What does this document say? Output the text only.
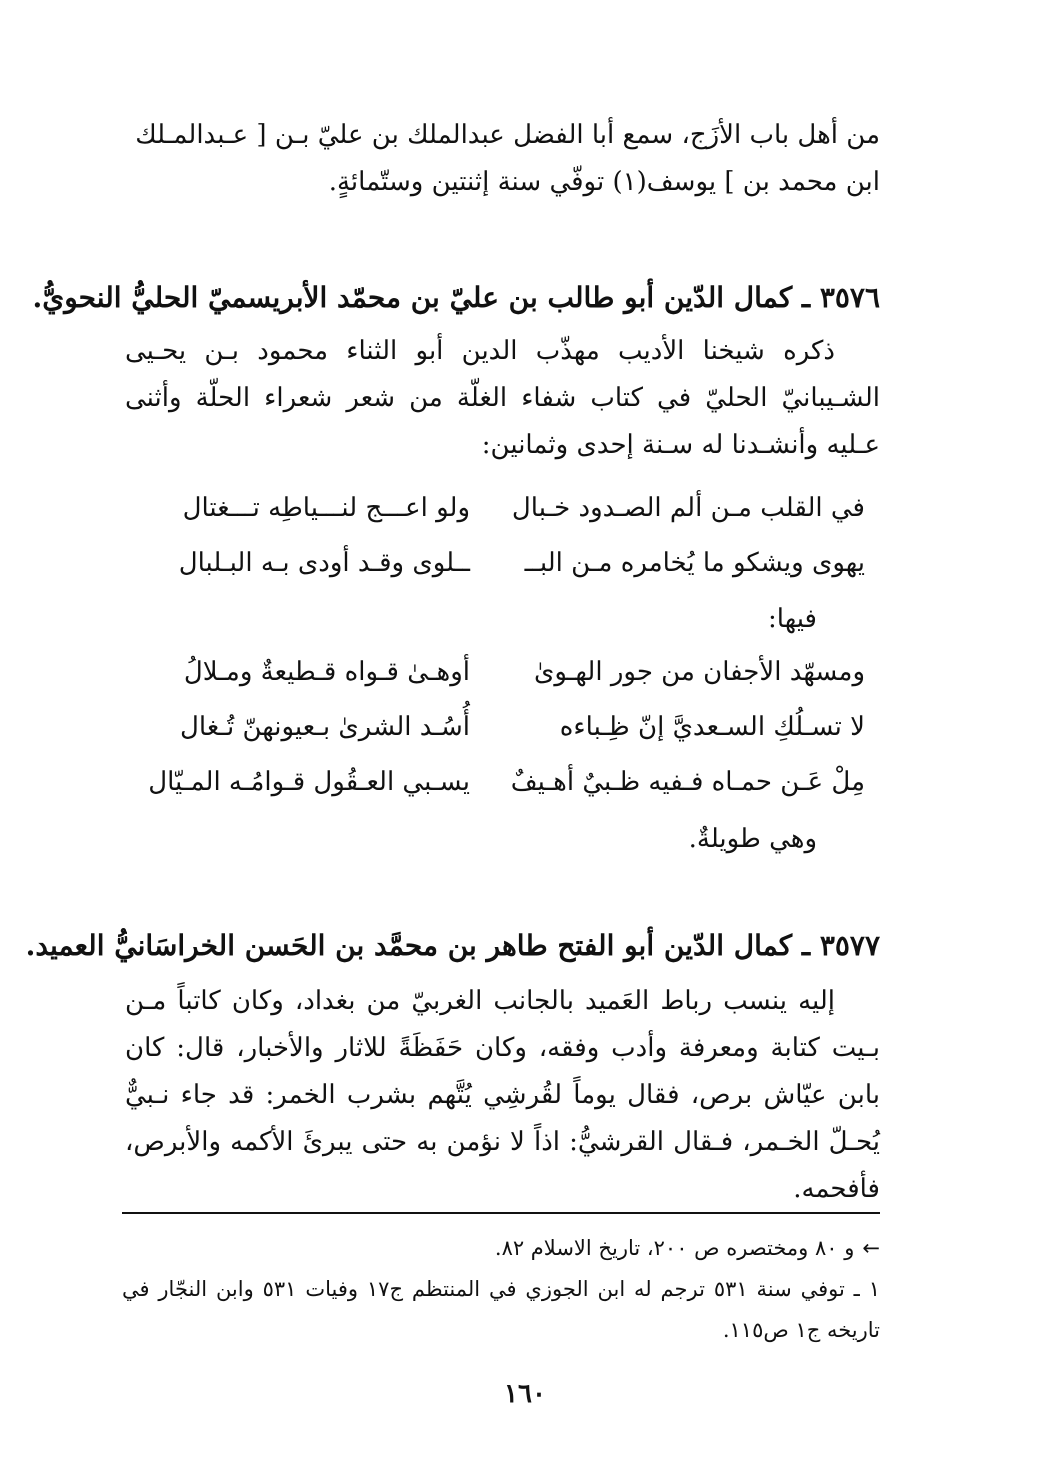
من أهل باب الأزَج، سمع أبا الفضل عبدالملك بن عليّ بـن [ عـبدالمـلك
ابن محمد بن ] يوسف(١) توفّي سنة إثنتين وستّمائةٍ.
٣٥٧٦ ـ كمال الدّين أبو طالب بن عليّ بن محمّد الأبريسميّ الحليُّ النحويُّ.
ذكره شيخنا الأديب مهذّب الدين أبو الثناء محمود بـن يحـيى الشـيبانيّ الحليّ في كتاب شفاء الغلّة من شعر شعراء الحلّة وأثنى عـليه وأنشـدنا له سـنة إحدى وثمانين:
في القلب مـن ألم الصـدود خـبال
ولو اعـــج لنـــياطِه تـــغتال
يهوى ويشكو ما يُخامره مـن البــ
ــلوى وقـد أودى بـه البـلبال
فيها:
ومسهّد الأجفان من جور الهـوىٰ
أوهـىٰ قـواه قـطيعةٌ ومـلالُ
لا تسـلُكِ السـعديَّ إنّ ظِـباءه
أُسُـد الشرىٰ بـعيونهنّ تُـغال
مِلْ عَـن حمـاه فـفيه ظـبيٌ أهـيفٌ
يسـبي العـقُول قـوامُـه المـيّال
وهي طويلةٌ.
٣٥٧٧ ـ كمال الدّين أبو الفتح طاهر بن محمَّد بن الحَسن الخراسَانيُّ العميد.
إليه ينسب رباط العَميد بالجانب الغربيّ من بغداد، وكان كاتباً مـن بـيت كتابة ومعرفة وأدب وفقه، وكان حَفَظَةً للاثار والأخبار، قال: كان بابن عيّاش برص، فقال يوماً لقُرشِي يُتَّهم بشرب الخمر: قد جاء نـبيٌّ يُحـلّ الخـمر، فـقال القرشيُّ: اذاً لا نؤمن به حتى يبرئَ الأكمه والأبرص، فأفحمه.
←و ٨٠ ومختصره ص ٢٠٠، تاريخ الاسلام ٨٢.
١ ـ توفي سنة ٥٣١ ترجم له ابن الجوزي في المنتظم ج١٧ وفيات ٥٣١ وابن النجّار في تاريخه ج١ ص١١٥.
١٦٠
